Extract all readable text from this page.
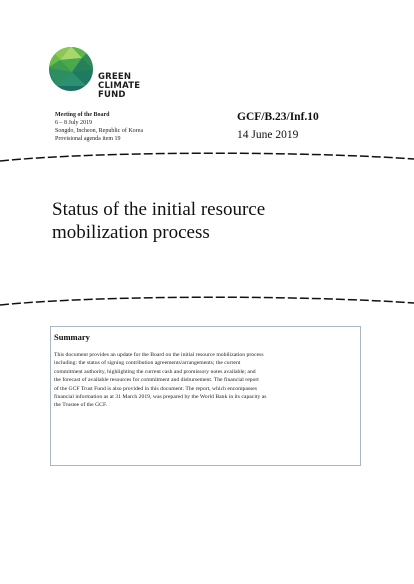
GREEN
CLIMATE
FUND
Meeting of the Board
6 – 8 July 2019
Songdo, Incheon, Republic of Korea
Provisional agenda item 19
GCF/B.23/Inf.10
14 June 2019
Status of the initial resource
mobilization process
Summary
This document provides an update for the Board on the initial resource mobilization process
including: the status of signing contribution agreements/arrangements; the current
commitment authority, highlighting the current cash and promissory notes available; and
the forecast of available resources for commitment and disbursement. The financial report
of the GCF Trust Fund is also provided in this document. The report, which encompasses
financial information as at 31 March 2019, was prepared by the World Bank in its capacity as
the Trustee of the GCF.
